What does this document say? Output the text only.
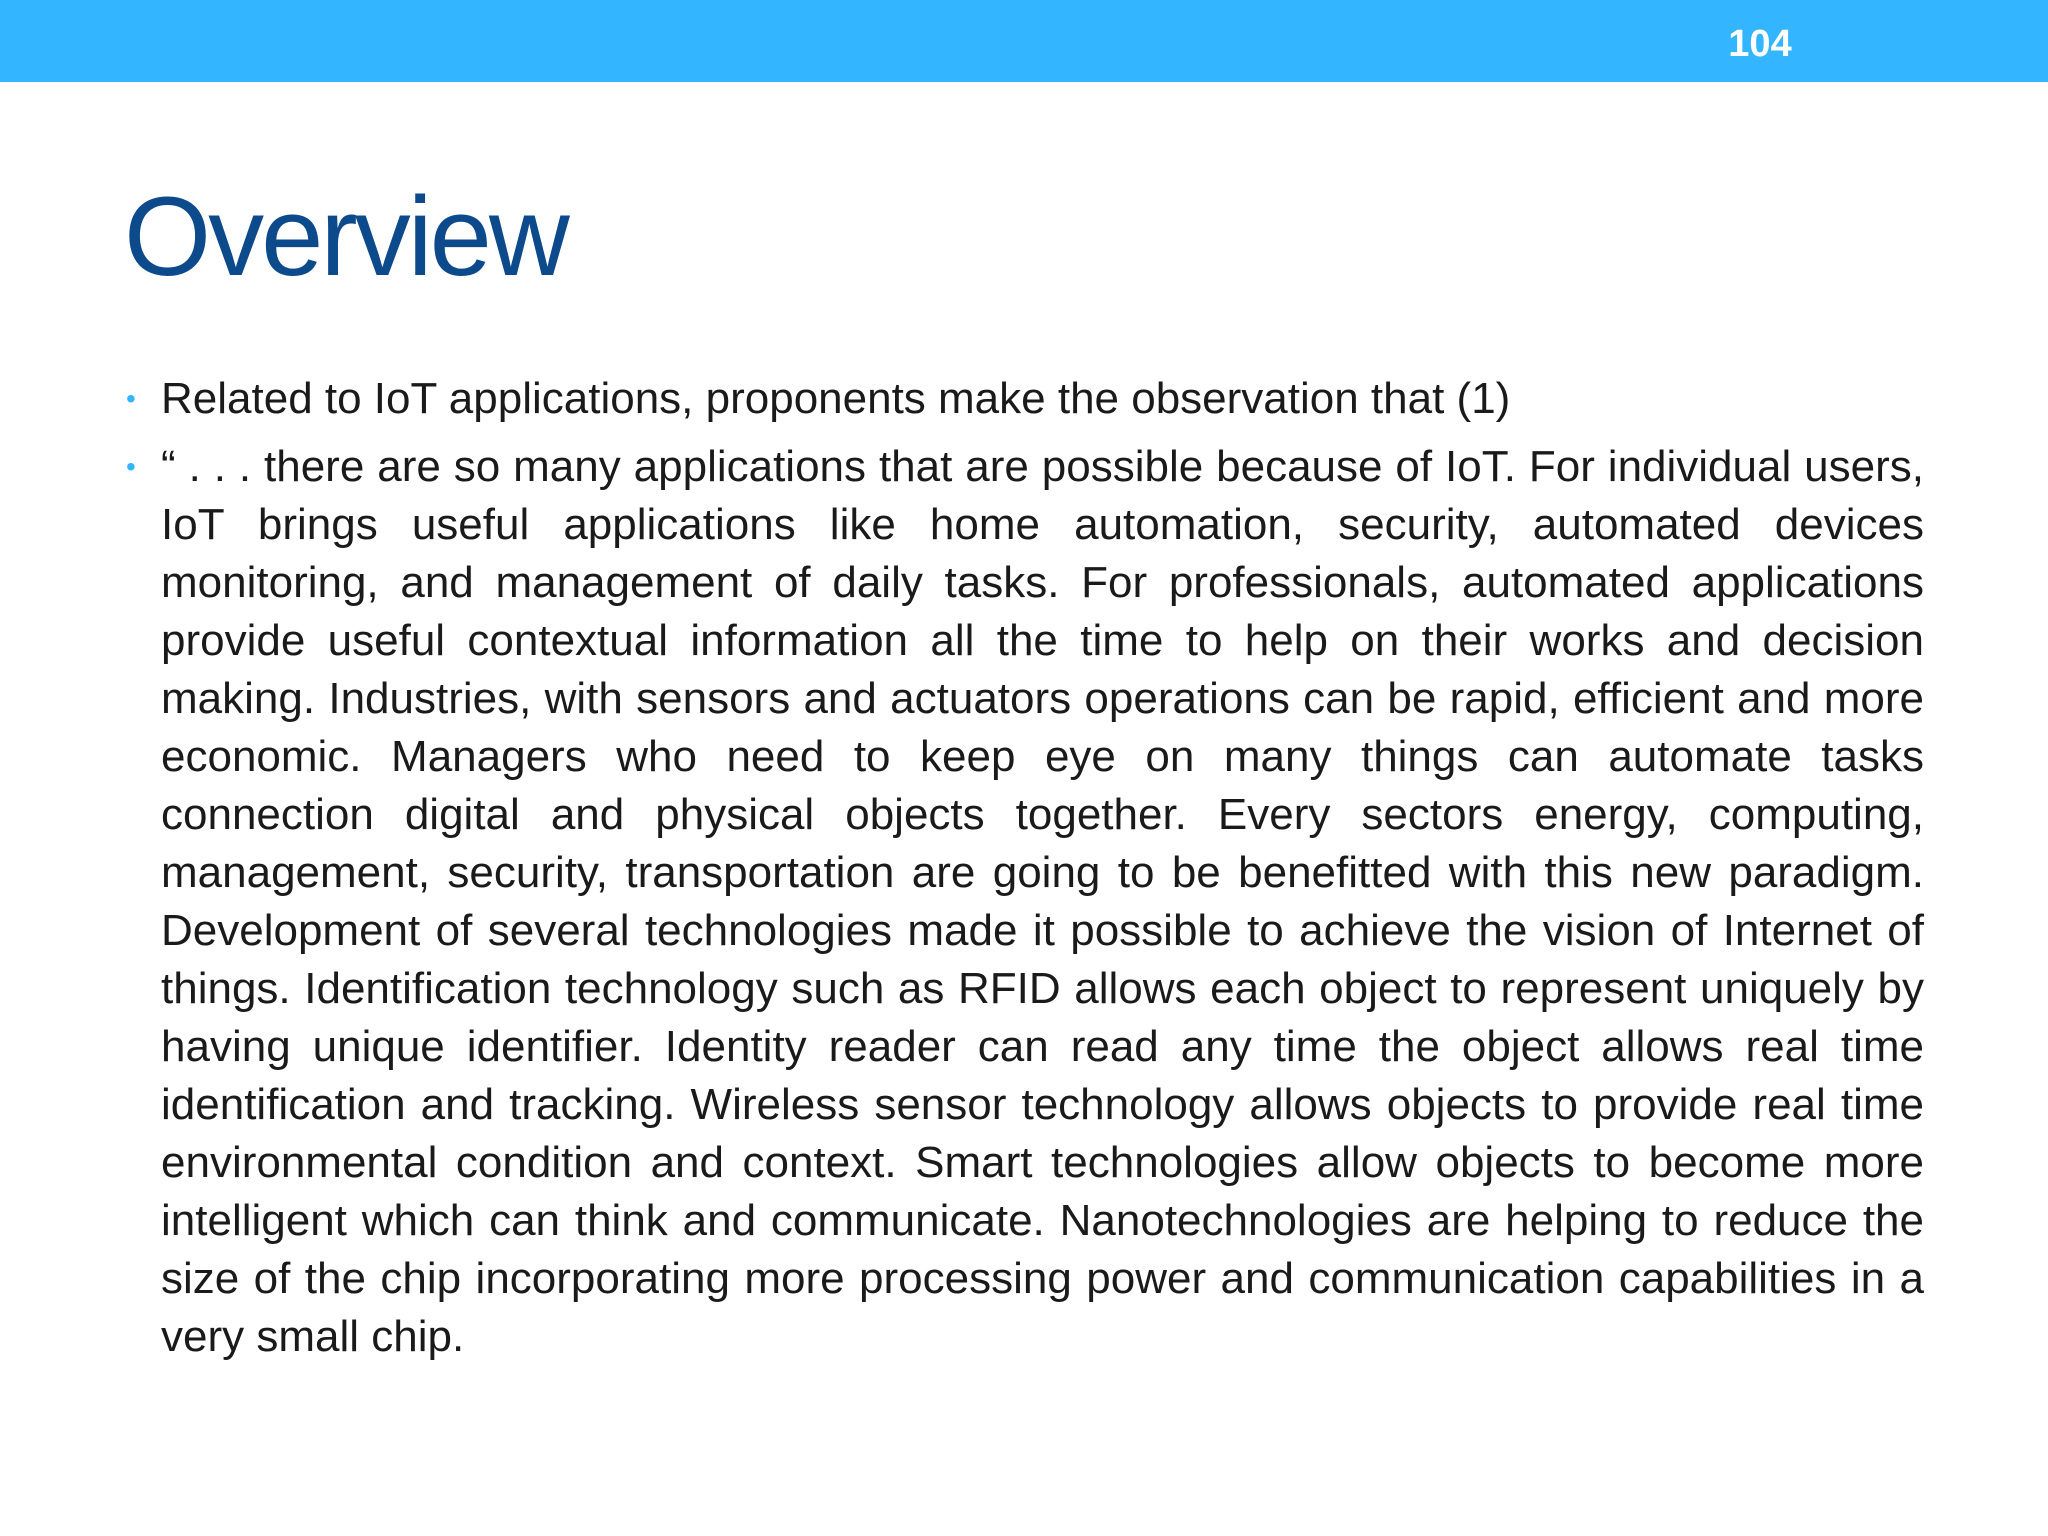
104
Overview
• Related to IoT applications, proponents make the observation that (1)
• “ . . . there are so many applications that are possible because of IoT. For individual users, IoT brings useful applications like home automation, security, automated devices monitoring, and management of daily tasks. For professionals, automated applications provide useful contextual information all the time to help on their works and decision making. Industries, with sensors and actuators operations can be rapid, efficient and more economic. Managers who need to keep eye on many things can automate tasks connection digital and physical objects together. Every sectors energy, computing, management, security, transportation are going to be benefitted with this new paradigm. Development of several technologies made it possible to achieve the vision of Internet of things. Identification technology such as RFID allows each object to represent uniquely by having unique identifier. Identity reader can read any time the object allows real time identification and tracking. Wireless sensor technology allows objects to provide real time environmental condition and context. Smart technologies allow objects to become more intelligent which can think and communicate. Nanotechnologies are helping to reduce the size of the chip incorporating more processing power and communication capabilities in a very small chip.
